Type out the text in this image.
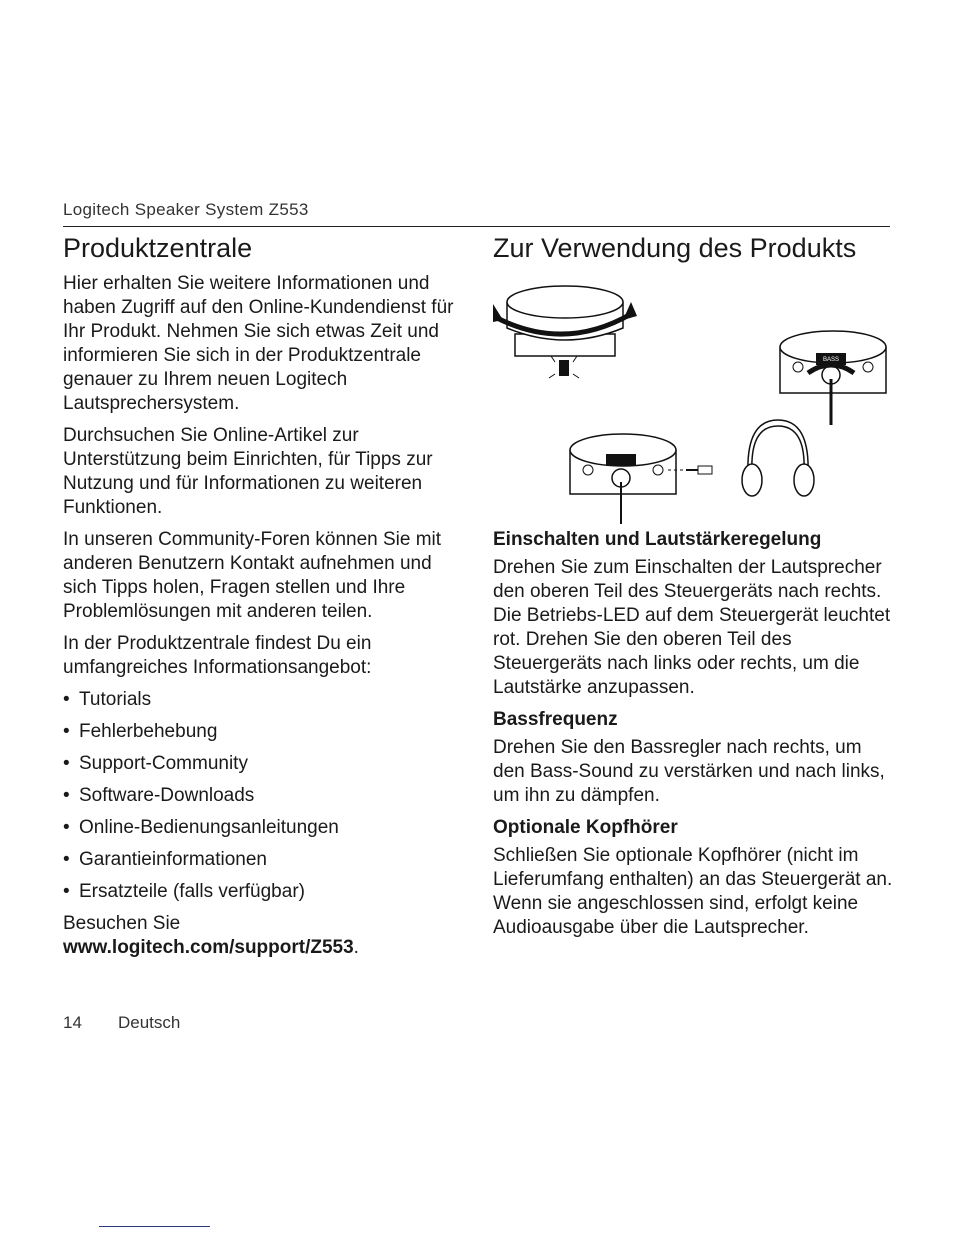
Logitech Speaker System Z553
Produktzentrale

Hier erhalten Sie weitere Informationen und haben Zugriff auf den Online-Kundendienst für Ihr Produkt. Nehmen Sie sich etwas Zeit und informieren Sie sich in der Produktzentrale genauer zu Ihrem neuen Logitech Lautsprechersystem.

Durchsuchen Sie Online-Artikel zur Unterstützung beim Einrichten, für Tipps zur Nutzung und für Informationen zu weiteren Funktionen.

In unseren Community-Foren können Sie mit anderen Benutzern Kontakt aufnehmen und sich Tipps holen, Fragen stellen und Ihre Problemlösungen mit anderen teilen.

In der Produktzentrale findest Du ein umfangreiches Informationsangebot:

• Tutorials
• Fehlerbehebung
• Support-Community
• Software-Downloads
• Online-Bedienungsanleitungen
• Garantieinformationen
• Ersatzteile (falls verfügbar)

Besuchen Sie www.logitech.com/support/Z553.

Zur Verwendung des Produkts
BASS
Einschalten und Lautstärkeregelung

Drehen Sie zum Einschalten der Lautsprecher den oberen Teil des Steuergeräts nach rechts. Die Betriebs-LED auf dem Steuergerät leuchtet rot. Drehen Sie den oberen Teil des Steuergeräts nach links oder rechts, um die Lautstärke anzupassen.

Bassfrequenz

Drehen Sie den Bassregler nach rechts, um den Bass-Sound zu verstärken und nach links, um ihn zu dämpfen.

Optionale Kopfhörer

Schließen Sie optionale Kopfhörer (nicht im Lieferumfang enthalten) an das Steuergerät an. Wenn sie angeschlossen sind, erfolgt keine Audioausgabe über die Lautsprecher.

14 Deutsch
